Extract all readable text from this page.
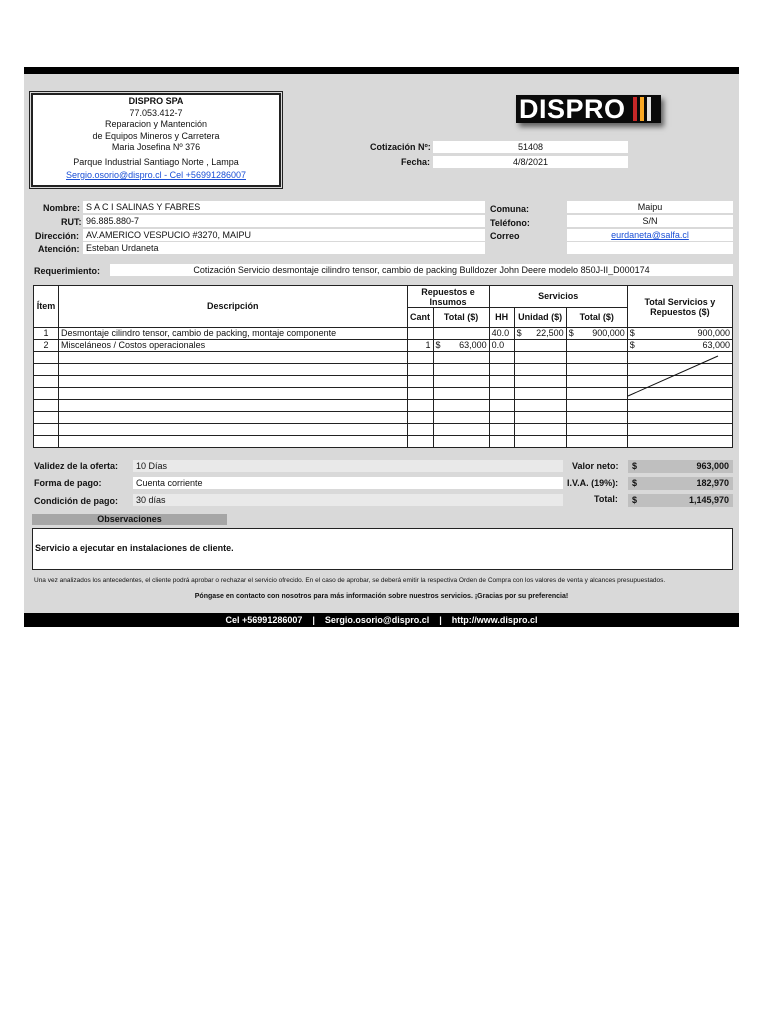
DISPRO SPA
77.053.412-7
Reparacion y Mantención
de Equipos Mineros y Carretera
Maria Josefina Nº 376
Parque Industrial Santiago Norte , Lampa
Sergio.osorio@dispro.cl - Cel +56991286007
DISPRO
Cotización Nº:	51408
Fecha:	4/8/2021
Nombre: S A C I SALINAS Y FABRES
RUT: 96.885.880-7
Dirección: AV.AMERICO VESPUCIO #3270, MAIPU
Atención: Esteban Urdaneta
Comuna:	Maipu
Teléfono:	S/N
Correo	eurdaneta@salfa.cl
Requerimiento:	Cotización Servicio desmontaje cilindro tensor, cambio de packing Bulldozer John Deere modelo 850J-II_D000174
Ítem	Descripción	Repuestos e Insumos		Servicios			Total Servicios y Repuestos ($)
		Cant	Total ($)	HH	Unidad ($)	Total ($)	
1	Desmontaje cilindro tensor, cambio de packing, montaje componente			40.0	$ 22,500	$ 900,000	$ 900,000

2	Misceláneos / Costos operacionales	1	$ 63,000	0.0			$ 63,000

Validez de la oferta:	10 Días
Forma de pago:	Cuenta corriente
Condición de pago:	30 días
Valor neto:	$	963,000
I.V.A. (19%):	$	182,970
Total:	$	1,145,970
Observaciones
Servicio a ejecutar en instalaciones de cliente.
Una vez analizados los antecedentes, el cliente podrá aprobar o rechazar el servicio ofrecido. En el caso de aprobar, se deberá emitir la respectiva Orden de Compra con los valores de venta y alcances presupuestados.
Póngase en contacto con nosotros para más información sobre nuestros servicios. ¡Gracias por su preferencia!
Cel +56991286007 | Sergio.osorio@dispro.cl | http://www.dispro.cl
